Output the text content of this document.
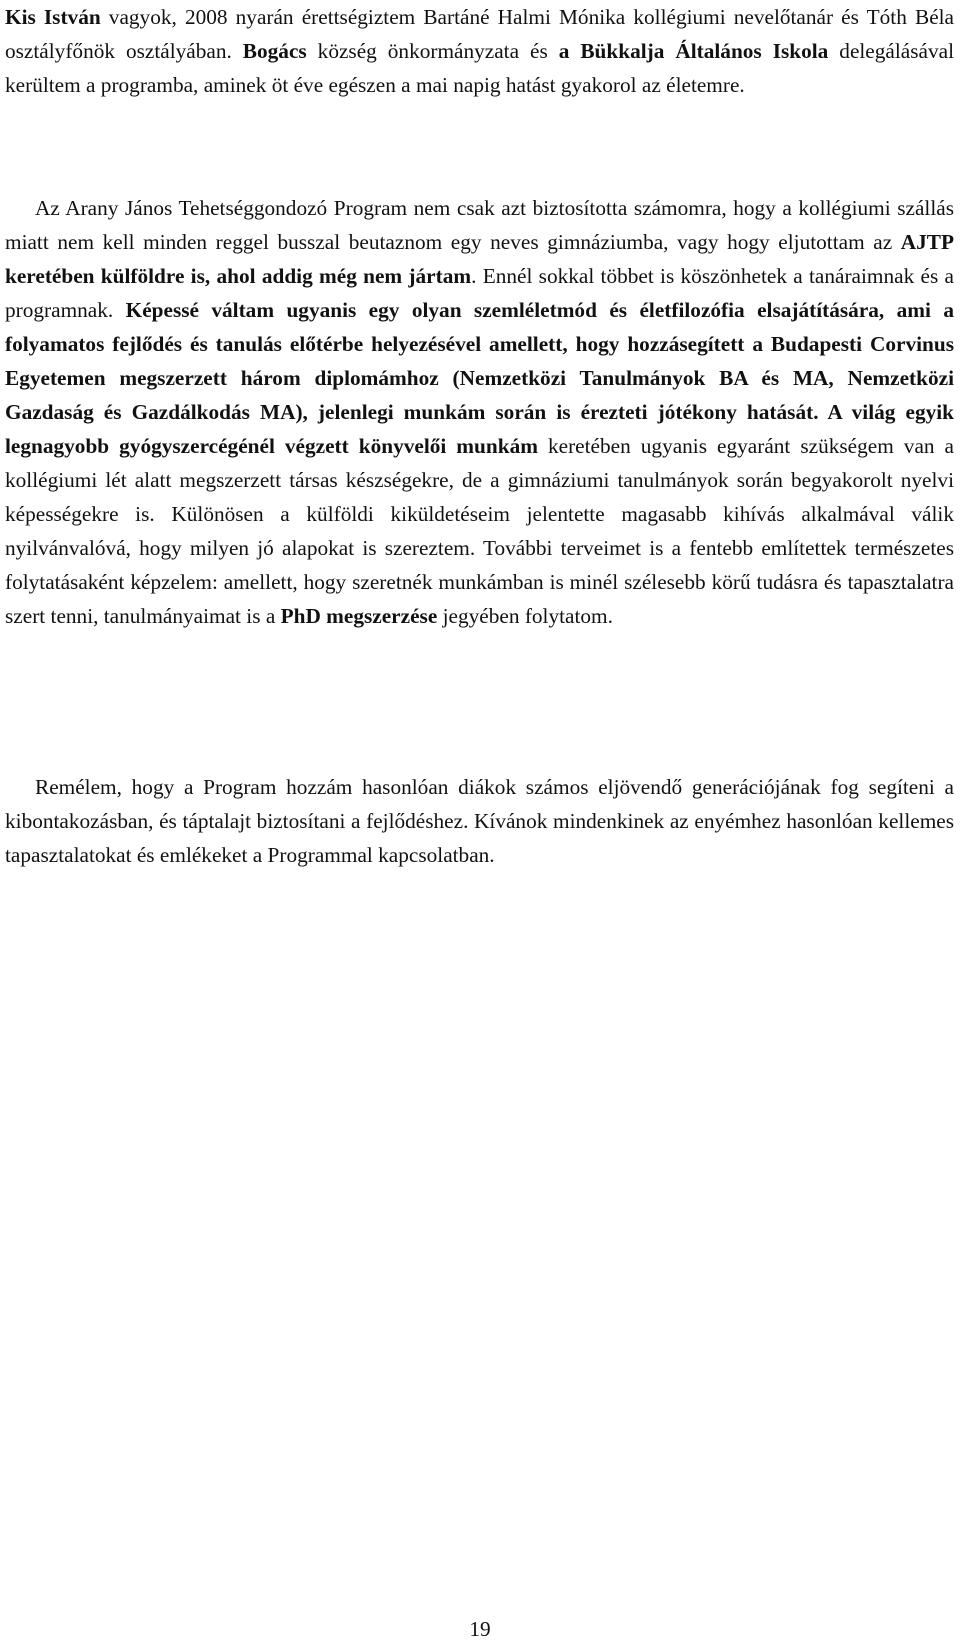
Kis István vagyok, 2008 nyarán érettségiztem Bartáné Halmi Mónika kollégiumi nevelőtanár és Tóth Béla osztályfőnök osztályában. Bogács község önkormányzata és a Bükkalja Általános Iskola delegálásával kerültem a programba, aminek öt éve egészen a mai napig hatást gyakorol az életemre.

Az Arany János Tehetséggondozó Program nem csak azt biztosította számomra, hogy a kollégiumi szállás miatt nem kell minden reggel busszal beutaznom egy neves gimnáziumba, vagy hogy eljutottam az AJTP keretében külföldre is, ahol addig még nem jártam. Ennél sokkal többet is köszönhetek a tanáraimnak és a programnak. Képessé váltam ugyanis egy olyan szemléletmód és életfilozófia elsajátítására, ami a folyamatos fejlődés és tanulás előtérbe helyezésével amellett, hogy hozzásegített a Budapesti Corvinus Egyetemen megszerzett három diplomámhoz (Nemzetközi Tanulmányok BA és MA, Nemzetközi Gazdaság és Gazdálkodás MA), jelenlegi munkám során is érezteti jótékony hatását. A világ egyik legnagyobb gyógyszercégénél végzett könyvelői munkám keretében ugyanis egyaránt szükségem van a kollégiumi lét alatt megszerzett társas készségekre, de a gimnáziumi tanulmányok során begyakorolt nyelvi képességekre is. Különösen a külföldi kiküldetéseim jelentette magasabb kihívás alkalmával válik nyilvánvalóvá, hogy milyen jó alapokat is szereztem. További terveimet is a fentebb említettek természetes folytatásaként képzelem: amellett, hogy szeretnék munkámban is minél szélesebb körű tudásra és tapasztalatra szert tenni, tanulmányaimat is a PhD megszerzése jegyében folytatom.

Remélem, hogy a Program hozzám hasonlóan diákok számos eljövendő generációjának fog segíteni a kibontakozásban, és táptalajt biztosítani a fejlődéshez. Kívánok mindenkinek az enyémhez hasonlóan kellemes tapasztalatokat és emlékeket a Programmal kapcsolatban.

19
